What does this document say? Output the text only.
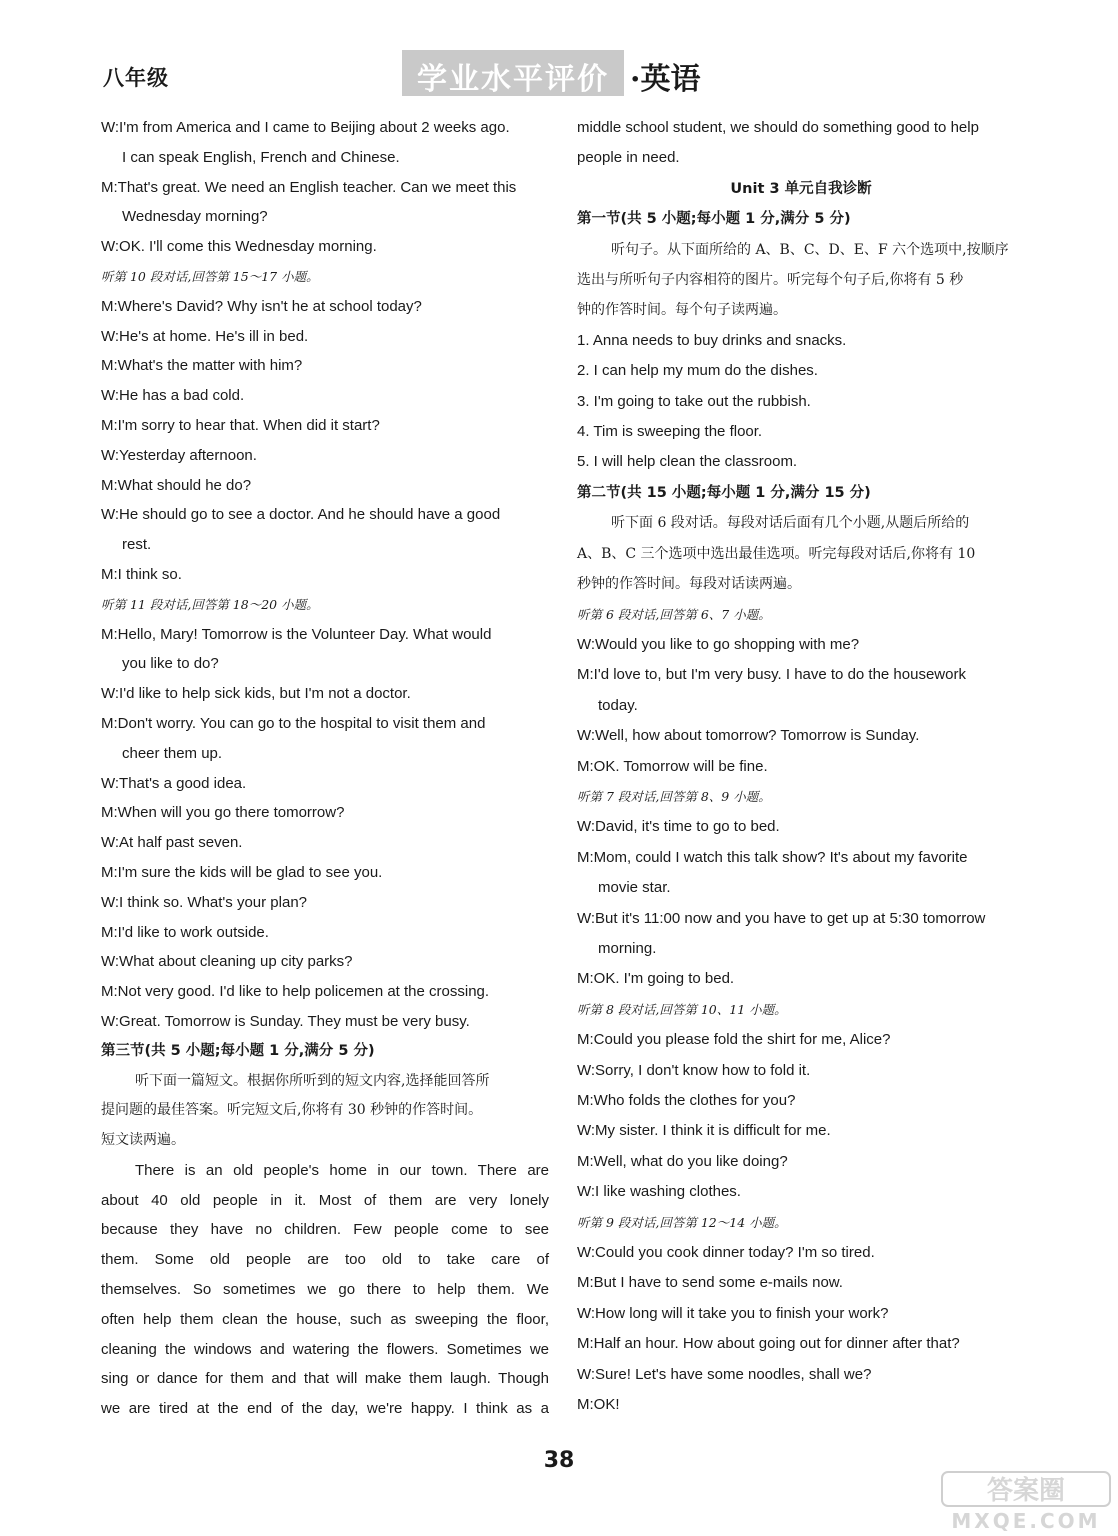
八年级	学业水平评价 ·英语
W:I'm from America and I came to Beijing about 2 weeks ago.
I can speak English, French and Chinese.
M:That's great. We need an English teacher. Can we meet this
Wednesday morning?
W:OK. I'll come this Wednesday morning.
听第 10 段对话,回答第 15～17 小题。
M:Where's David? Why isn't he at school today?
W:He's at home. He's ill in bed.
M:What's the matter with him?
W:He has a bad cold.
M:I'm sorry to hear that. When did it start?
W:Yesterday afternoon.
M:What should he do?
W:He should go to see a doctor. And he should have a good
rest.
M:I think so.
听第 11 段对话,回答第 18～20 小题。
M:Hello, Mary! Tomorrow is the Volunteer Day. What would
you like to do?
W:I'd like to help sick kids, but I'm not a doctor.
M:Don't worry. You can go to the hospital to visit them and
cheer them up.
W:That's a good idea.
M:When will you go there tomorrow?
W:At half past seven.
M:I'm sure the kids will be glad to see you.
W:I think so. What's your plan?
M:I'd like to work outside.
W:What about cleaning up city parks?
M:Not very good. I'd like to help policemen at the crossing.
W:Great. Tomorrow is Sunday. They must be very busy.
第三节(共 5 小题;每小题 1 分,满分 5 分)
听下面一篇短文。根据你所听到的短文内容,选择能回答所
提问题的最佳答案。听完短文后,你将有 30 秒钟的作答时间。
短文读两遍。
There is an old people's home in our town. There are
about 40 old people in it. Most of them are very lonely
because they have no children. Few people come to see
them. Some old people are too old to take care of
themselves. So sometimes we go there to help them. We
often help them clean the house, such as sweeping the floor,
cleaning the windows and watering the flowers. Sometimes we
sing or dance for them and that will make them laugh. Though
we are tired at the end of the day, we're happy. I think as a
middle school student, we should do something good to help
people in need.
Unit 3 单元自我诊断
第一节(共 5 小题;每小题 1 分,满分 5 分)
听句子。从下面所给的 A、B、C、D、E、F 六个选项中,按顺序
选出与所听句子内容相符的图片。听完每个句子后,你将有 5 秒
钟的作答时间。每个句子读两遍。
1. Anna needs to buy drinks and snacks.
2. I can help my mum do the dishes.
3. I'm going to take out the rubbish.
4. Tim is sweeping the floor.
5. I will help clean the classroom.
第二节(共 15 小题;每小题 1 分,满分 15 分)
听下面 6 段对话。每段对话后面有几个小题,从题后所给的
A、B、C 三个选项中选出最佳选项。听完每段对话后,你将有 10
秒钟的作答时间。每段对话读两遍。
听第 6 段对话,回答第 6、7 小题。
W:Would you like to go shopping with me?
M:I'd love to, but I'm very busy. I have to do the housework
today.
W:Well, how about tomorrow? Tomorrow is Sunday.
M:OK. Tomorrow will be fine.
听第 7 段对话,回答第 8、9 小题。
W:David, it's time to go to bed.
M:Mom, could I watch this talk show? It's about my favorite
movie star.
W:But it's 11:00 now and you have to get up at 5:30 tomorrow
morning.
M:OK. I'm going to bed.
听第 8 段对话,回答第 10、11 小题。
M:Could you please fold the shirt for me, Alice?
W:Sorry, I don't know how to fold it.
M:Who folds the clothes for you?
W:My sister. I think it is difficult for me.
M:Well, what do you like doing?
W:I like washing clothes.
听第 9 段对话,回答第 12～14 小题。
W:Could you cook dinner today? I'm so tired.
M:But I have to send some e-mails now.
W:How long will it take you to finish your work?
M:Half an hour. How about going out for dinner after that?
W:Sure! Let's have some noodles, shall we?
M:OK!
38
答案圈
MXQE.COM
